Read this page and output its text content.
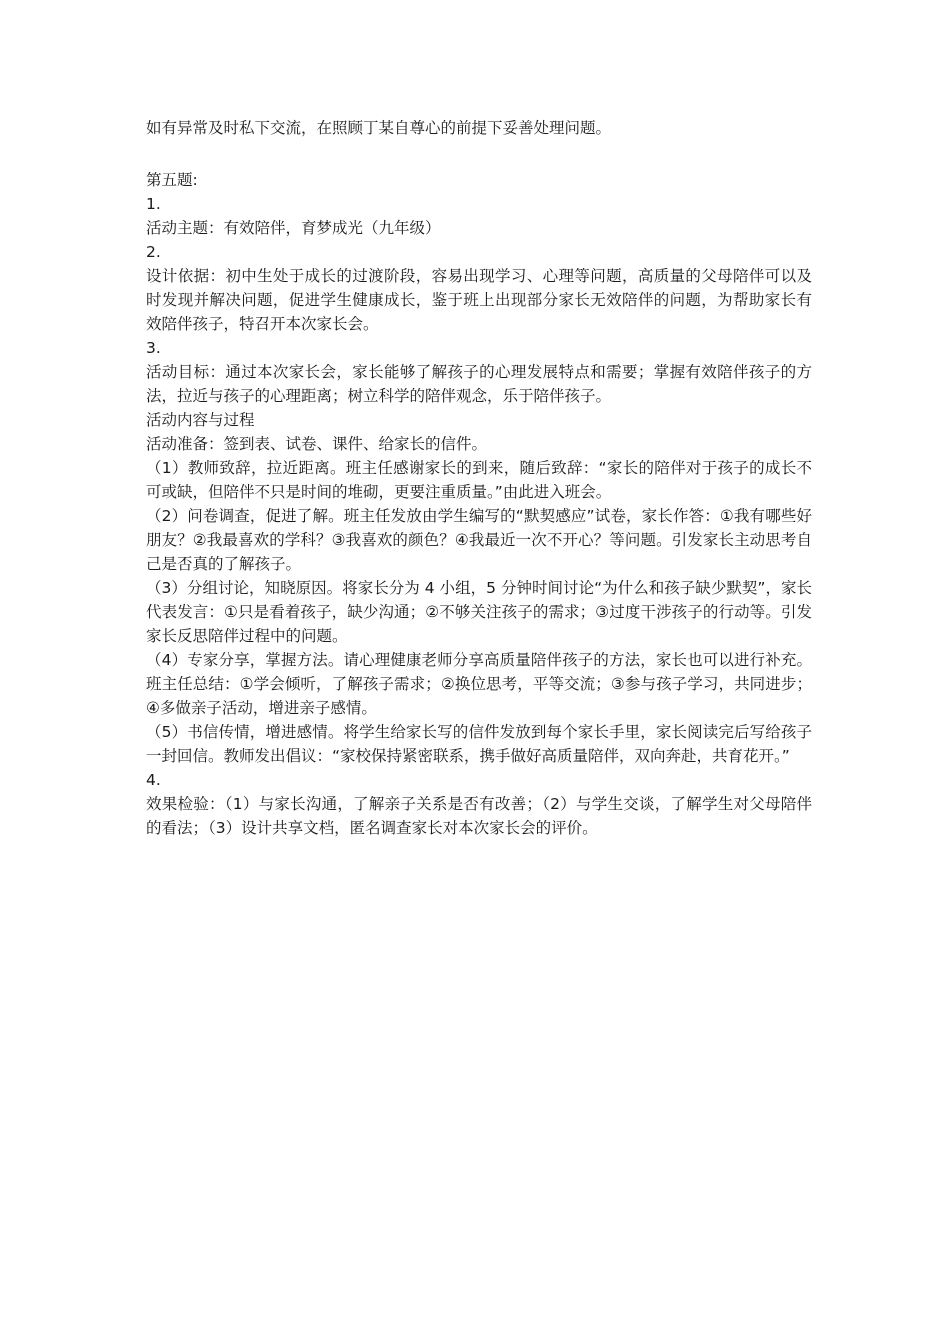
如有异常及时私下交流，在照顾丁某自尊心的前提下妥善处理问题。

第五题:

1.

活动主题：有效陪伴，育梦成光（九年级）

2.

设计依据：初中生处于成长的过渡阶段，容易出现学习、心理等问题，高质量的父母陪伴可以及时发现并解决问题，促进学生健康成长，鉴于班上出现部分家长无效陪伴的问题，为帮助家长有效陪伴孩子，特召开本次家长会。

3.

活动目标：通过本次家长会，家长能够了解孩子的心理发展特点和需要；掌握有效陪伴孩子的方法，拉近与孩子的心理距离；树立科学的陪伴观念，乐于陪伴孩子。

活动内容与过程

活动准备：签到表、试卷、课件、给家长的信件。

（1）教师致辞，拉近距离。班主任感谢家长的到来，随后致辞：“家长的陪伴对于孩子的成长不可或缺，但陪伴不只是时间的堆砌，更要注重质量。”由此进入班会。

（2）问卷调查，促进了解。班主任发放由学生编写的“默契感应”试卷，家长作答：①我有哪些好朋友？②我最喜欢的学科？③我喜欢的颜色？④我最近一次不开心？等问题。引发家长主动思考自己是否真的了解孩子。

（3）分组讨论，知晓原因。将家长分为 4 小组，5 分钟时间讨论“为什么和孩子缺少默契”，家长代表发言：①只是看着孩子，缺少沟通；②不够关注孩子的需求；③过度干涉孩子的行动等。引发家长反思陪伴过程中的问题。

（4）专家分享，掌握方法。请心理健康老师分享高质量陪伴孩子的方法，家长也可以进行补充。班主任总结：①学会倾听，了解孩子需求；②换位思考，平等交流；③参与孩子学习，共同进步；④多做亲子活动，增进亲子感情。

（5）书信传情，增进感情。将学生给家长写的信件发放到每个家长手里，家长阅读完后写给孩子一封回信。教师发出倡议：“家校保持紧密联系，携手做好高质量陪伴，双向奔赴，共育花开。”

4.

效果检验：（1）与家长沟通，了解亲子关系是否有改善；（2）与学生交谈，了解学生对父母陪伴的看法；（3）设计共享文档，匿名调查家长对本次家长会的评价。
